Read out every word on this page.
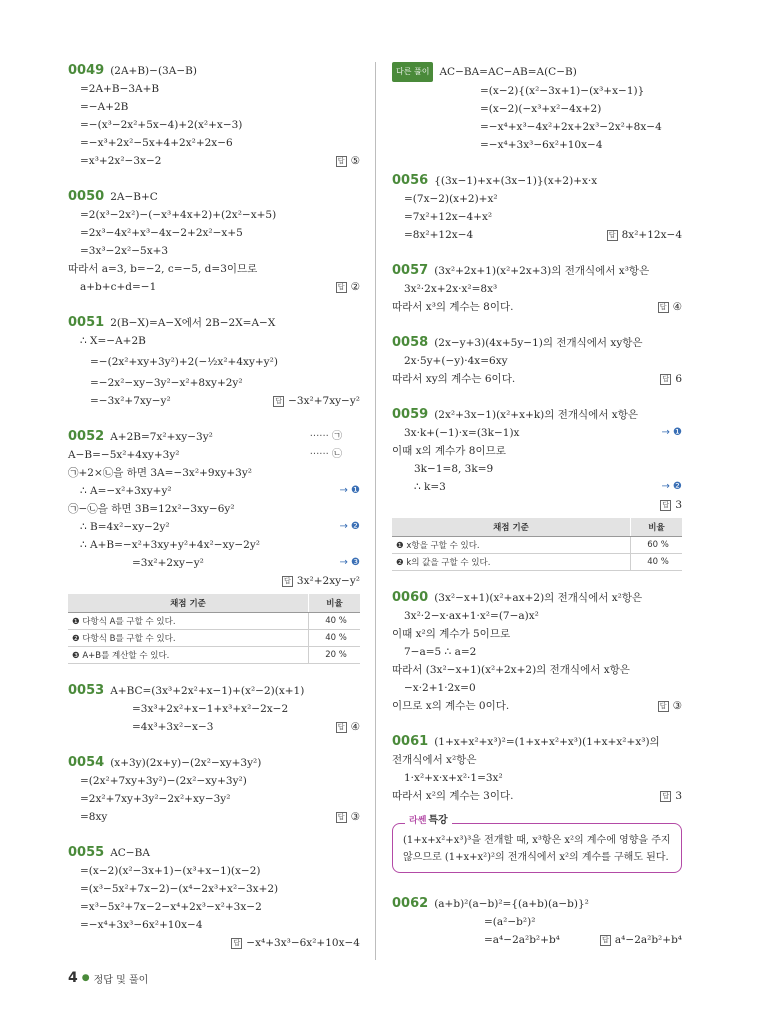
0049 (2A+B)−(3A−B)
=2A+B−3A+B
=−A+2B
=−(x³−2x²+5x−4)+2(x²+x−3)
=−x³+2x²−5x+4+2x²+2x−6
=x³+2x²−3x−2	답 ⑤
0050 2A−B+C
=2(x³−2x²)−(−x³+4x+2)+(2x²−x+5)
=2x³−4x²+x³−4x−2+2x²−x+5
=3x³−2x²−5x+3
따라서 a=3, b=−2, c=−5, d=3이므로
a+b+c+d=−1	답 ②
0051 2(B−X)=A−X에서 2B−2X=A−X
∴ X=−A+2B
=−(2x²+xy+3y²)+2(−½x²+4xy+y²)
=−2x²−xy−3y²−x²+8xy+2y²
=−3x²+7xy−y²	답 −3x²+7xy−y²
0052 A+2B=7x²+xy−3y²	······ ㉠
A−B=−5x²+4xy+3y²	······ ㉡
㉠+2×㉡을 하면 3A=−3x²+9xy+3y²
∴ A=−x²+3xy+y²	→ ❶
㉠−㉡을 하면 3B=12x²−3xy−6y²
∴ B=4x²−xy−2y²	→ ❷
∴ A+B=−x²+3xy+y²+4x²−xy−2y²
=3x²+2xy−y²	→ ❸
답 3x²+2xy−y²
채점 기준	비율
❶ 다항식 A를 구할 수 있다.	40 %
❷ 다항식 B를 구할 수 있다.	40 %
❸ A+B를 계산할 수 있다.	20 %
0053 A+BC=(3x³+2x²+x−1)+(x²−2)(x+1)
=3x³+2x²+x−1+x³+x²−2x−2
=4x³+3x²−x−3	답 ④
0054 (x+3y)(2x+y)−(2x²−xy+3y²)
=(2x²+7xy+3y²)−(2x²−xy+3y²)
=2x²+7xy+3y²−2x²+xy−3y²
=8xy	답 ③
0055 AC−BA
=(x−2)(x²−3x+1)−(x³+x−1)(x−2)
=(x³−5x²+7x−2)−(x⁴−2x³+x²−3x+2)
=x³−5x²+7x−2−x⁴+2x³−x²+3x−2
=−x⁴+3x³−6x²+10x−4
답 −x⁴+3x³−6x²+10x−4
다른 풀이 AC−BA=AC−AB=A(C−B)
=(x−2){(x²−3x+1)−(x³+x−1)}
=(x−2)(−x³+x²−4x+2)
=−x⁴+x³−4x²+2x+2x³−2x²+8x−4
=−x⁴+3x³−6x²+10x−4
0056 {(3x−1)+x+(3x−1)}(x+2)+x·x
=(7x−2)(x+2)+x²
=7x²+12x−4+x²
=8x²+12x−4	답 8x²+12x−4
0057 (3x²+2x+1)(x²+2x+3)의 전개식에서 x³항은
3x²·2x+2x·x²=8x³
따라서 x³의 계수는 8이다.	답 ④
0058 (2x−y+3)(4x+5y−1)의 전개식에서 xy항은
2x·5y+(−y)·4x=6xy
따라서 xy의 계수는 6이다.	답 6
0059 (2x²+3x−1)(x²+x+k)의 전개식에서 x항은
3x·k+(−1)·x=(3k−1)x	→ ❶
이때 x의 계수가 8이므로
3k−1=8, 3k=9
∴ k=3	→ ❷
답 3
채점 기준	비율
❶ x항을 구할 수 있다.	60 %
❷ k의 값을 구할 수 있다.	40 %
0060 (3x²−x+1)(x²+ax+2)의 전개식에서 x²항은
3x²·2−x·ax+1·x²=(7−a)x²
이때 x²의 계수가 5이므로
7−a=5 ∴ a=2
따라서 (3x²−x+1)(x²+2x+2)의 전개식에서 x항은
−x·2+1·2x=0
이므로 x의 계수는 0이다.	답 ③
0061 (1+x+x²+x³)²=(1+x+x²+x³)(1+x+x²+x³)의
전개식에서 x²항은
1·x²+x·x+x²·1=3x²
따라서 x²의 계수는 3이다.	답 3
라쎈 특강
(1+x+x²+x³)³을 전개할 때, x³항은 x²의 계수에 영향을 주지 않으므로 (1+x+x²)²의 전개식에서 x²의 계수를 구해도 된다.
0062 (a+b)²(a−b)²={(a+b)(a−b)}²
=(a²−b²)²
=a⁴−2a²b²+b⁴	답 a⁴−2a²b²+b⁴
4 ● 정답 및 풀이
